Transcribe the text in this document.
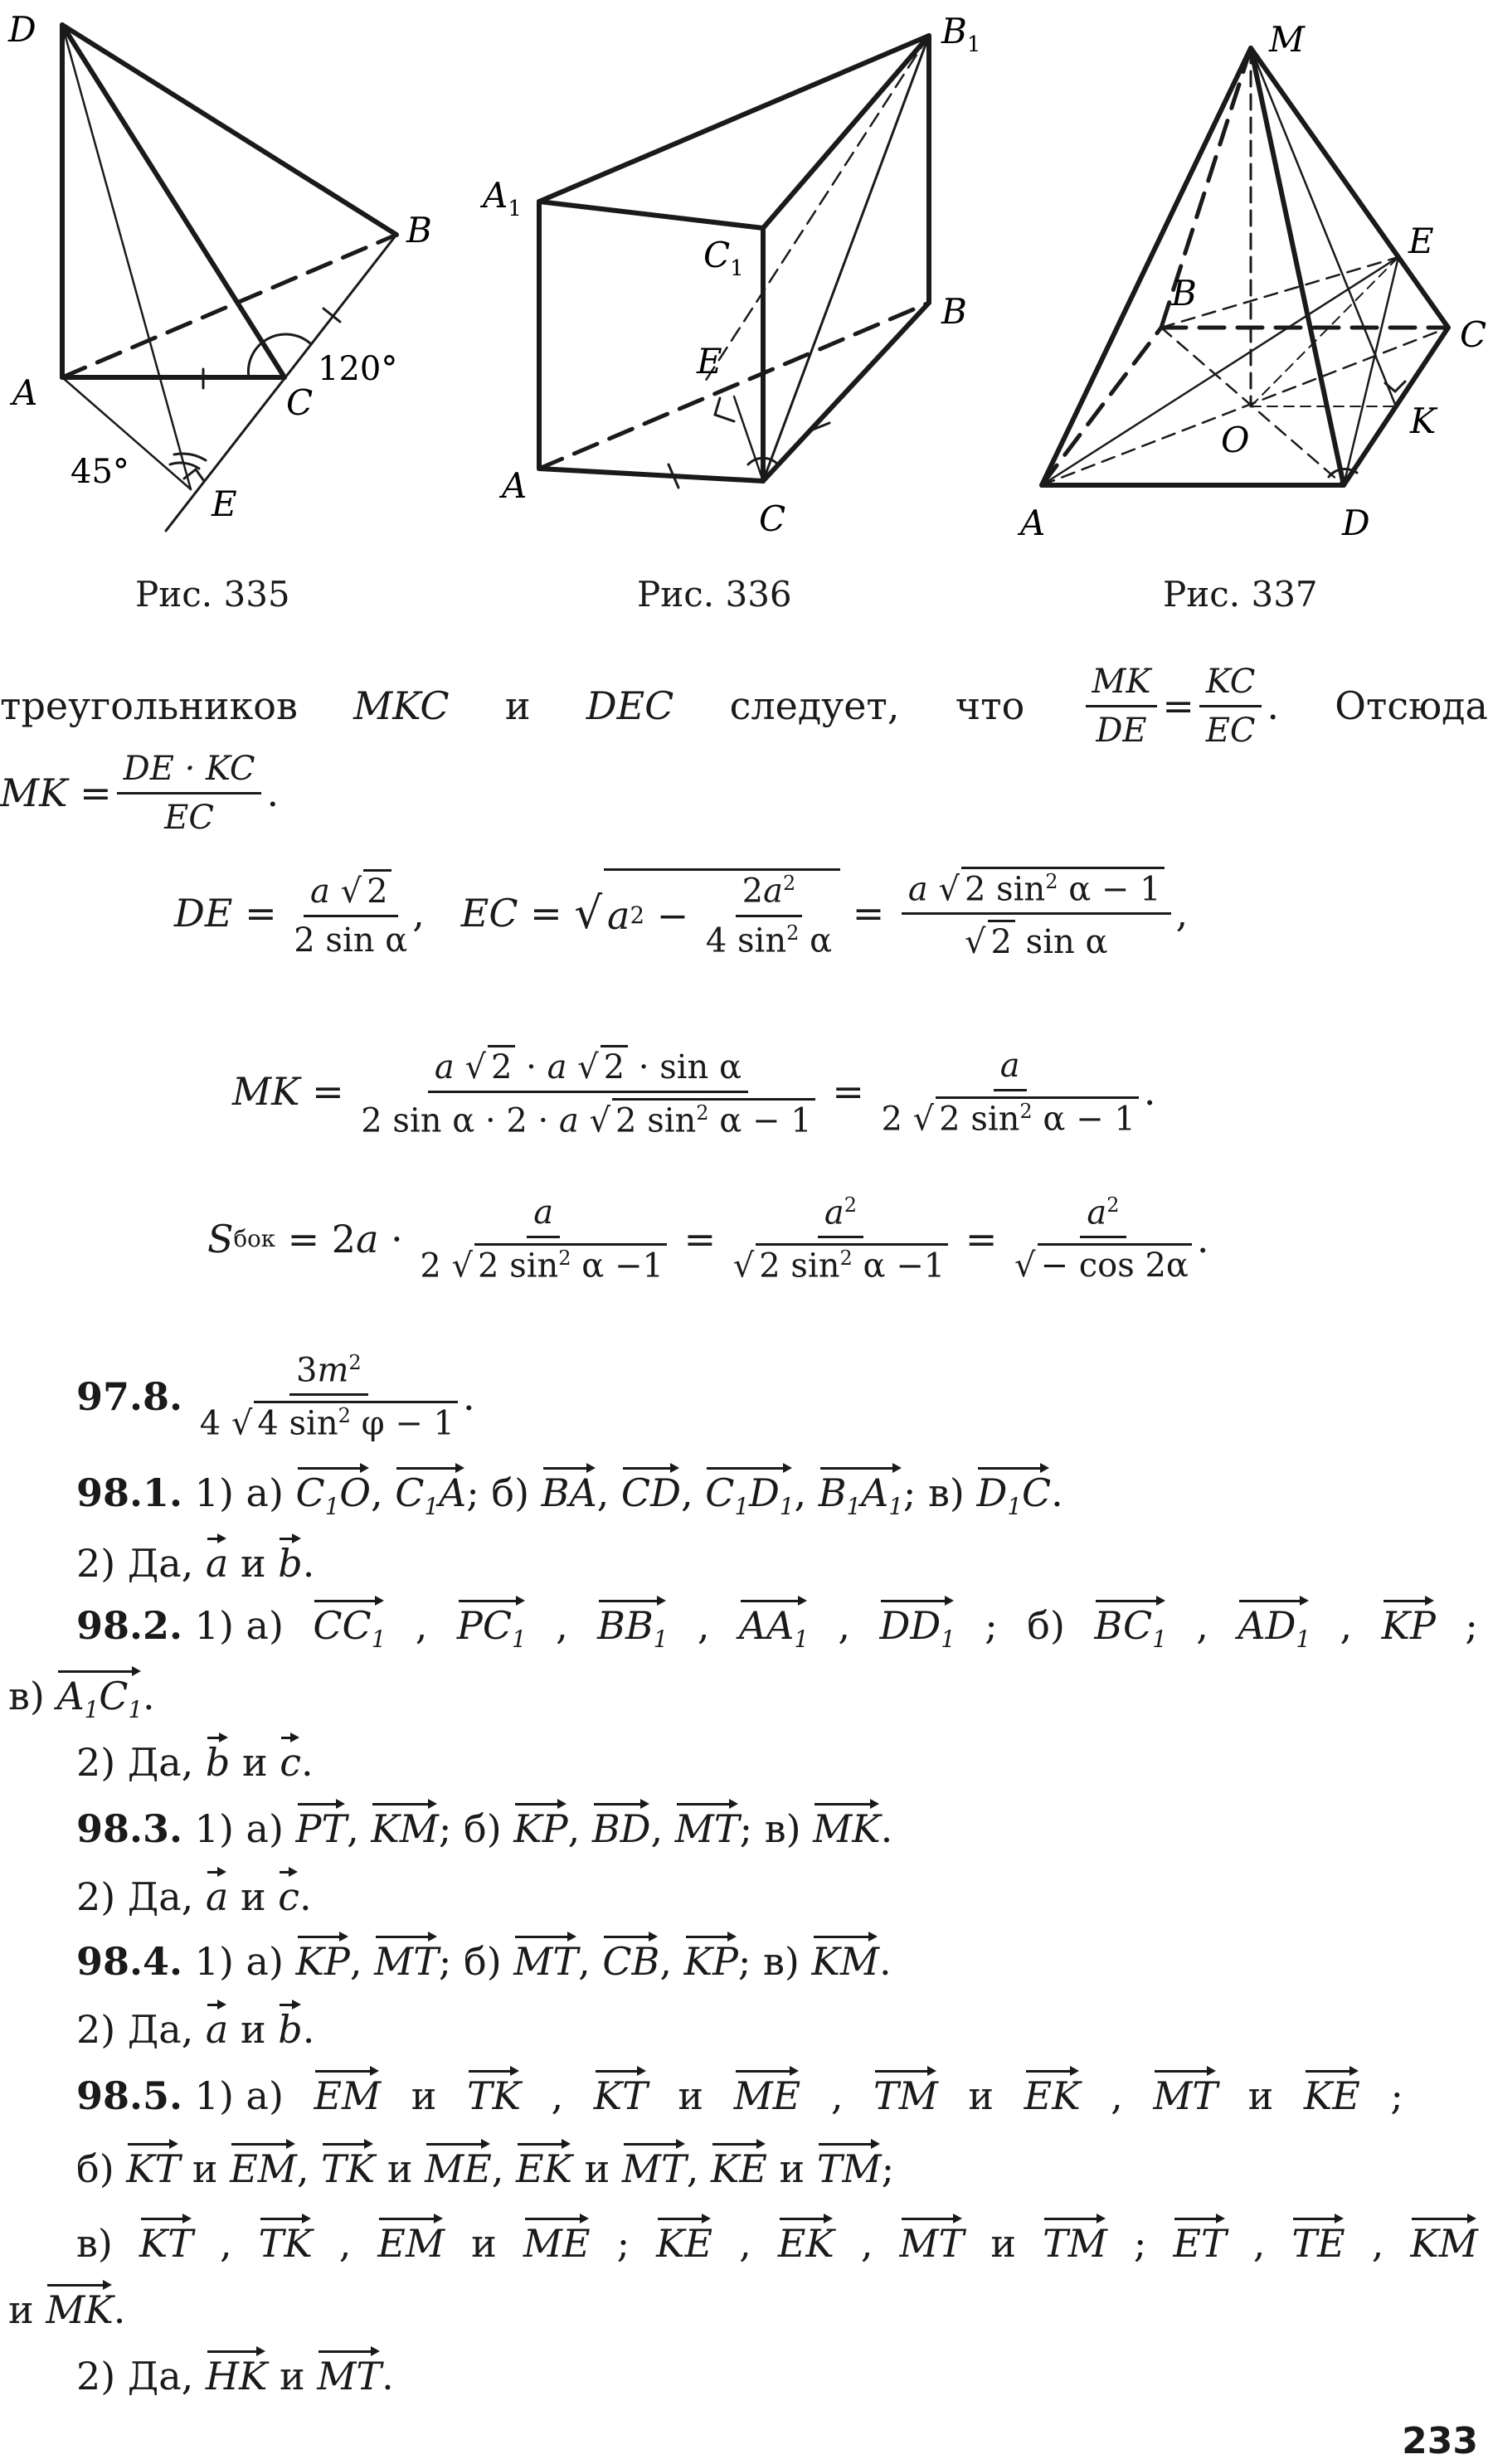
D
B
A	C
E
120°
45°
Рис. 335
$B_1$
$A_1$
$C_1$
E
B
A
C
Рис. 336
M
E
B
C
O	K
A	D
Рис. 337
треугольников MKC и DEC следует, что $\frac{MK}{DE} = \frac{KC}{EC}$ . Отсюда
MK = $\frac{DE \cdot KC}{EC}$ .
DE = a √ 2
2 sin α
, EC = √ a 2 −
$2a^2$
4 $\sin^2 \alpha$
=
a √ 2 $\sin^2 \alpha - 1$
√ 2 sin α
,
MK =
a √ 2 · a √ 2 · sin α
2 sin α · 2 · a √ 2 $\sin^2 \alpha - 1$
=
a
2 √ 2 $\sin^2 \alpha - 1$
.
S бок = 2 a ·
a
2 √ 2 $\sin^2 \alpha -1$
=
$a^2$
√ 2 $\sin^2 \alpha -1$
=
$a^2$
√ − cos 2α
.
97.8.

$3m^2$
4 √ 4 $\sin^2 \varphi - 1$
.
98.1. 1) а) $C_1O$, $C_1A$; б) BA, CD, $C_1D_1$, $B_1A_1$; в) $D_1C$.
2) Да, a и b.
98.2. 1) а) $CC_1$ , $PC_1$ , $BB_1$ , $AA_1$ , $DD_1$ ; б) $BC_1$ , $AD_1$ , KP ;
в) $A_1C_1$.
2) Да, b и c.
98.3. 1) а) PT, KM; б) KP, BD, MT; в) MK.
2) Да, a и c.
98.4. 1) а) KP, MT; б) MT, CB, KP; в) KM.
2) Да, a и b.
98.5. 1) а) EM и TK , KT и ME , TM и EK , MT и KE ;
б) KT и EM, TK и ME, EK и MT, KE и TM;
в) KT , TK , EM и ME ; KE , EK , MT и TM ; ET , TE , KM
и MK.
2) Да, HK и MT.
233
